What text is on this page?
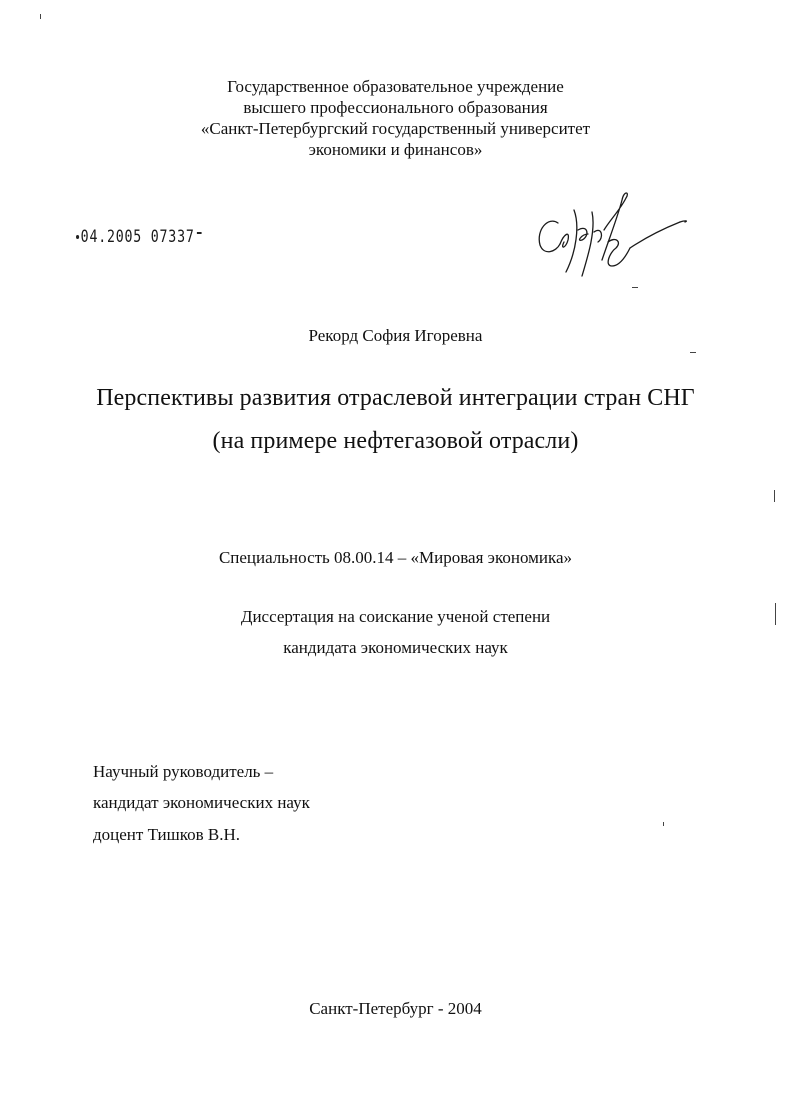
Государственное образовательное учреждение
высшего профессионального образования
«Санкт-Петербургский государственный университет
экономики и финансов»
04.2005 07337
Рекорд София Игоревна
Перспективы развития отраслевой интеграции стран СНГ
(на примере нефтегазовой отрасли)
Специальность 08.00.14 – «Мировая экономика»
Диссертация на соискание ученой степени
кандидата экономических наук
Научный руководитель –
кандидат экономических наук
доцент Тишков В.Н.
Санкт-Петербург - 2004
